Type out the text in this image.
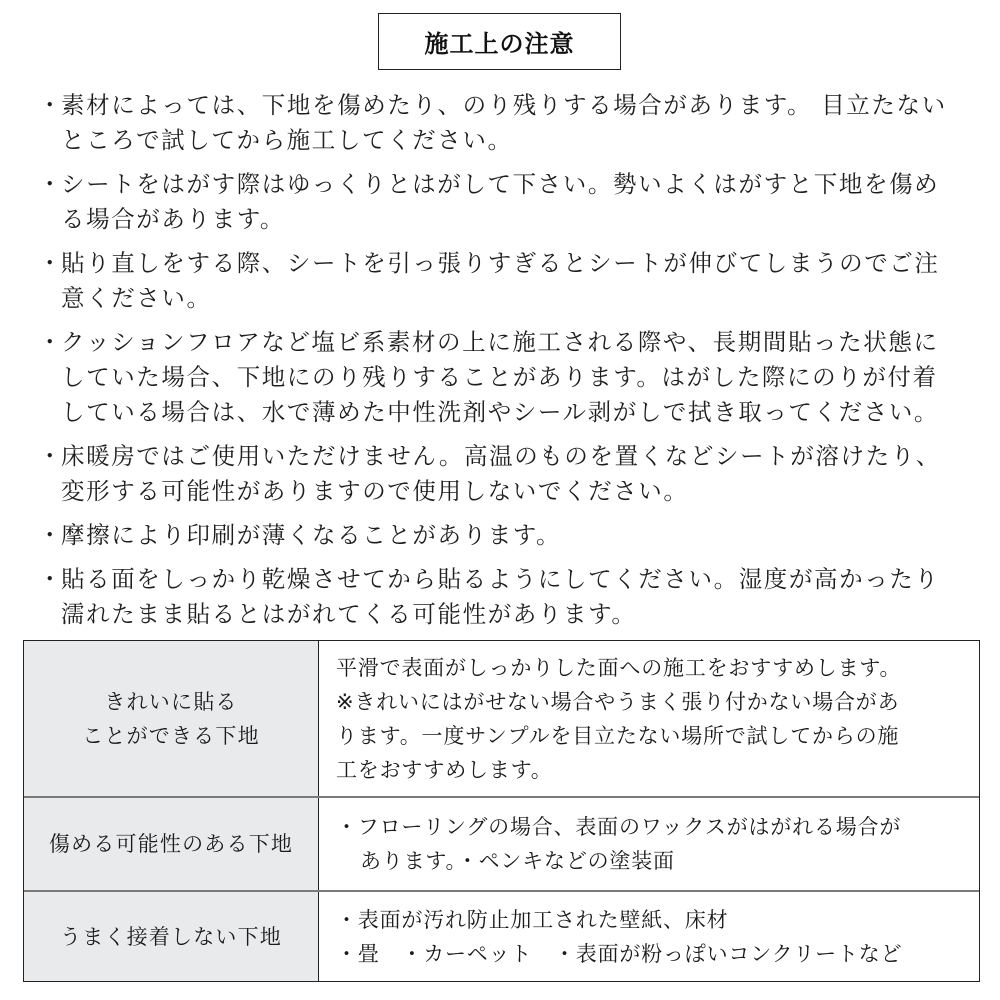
施工上の注意
・
素材によっては、下地を傷めたり、のり残りする場合があります。 目立たない
ところで試してから施工してください。
・
シートをはがす際はゆっくりとはがして下さい。勢いよくはがすと下地を傷め
る場合があります。
・
貼り直しをする際、シートを引っ張りすぎるとシートが伸びてしまうのでご注
意ください。
・
クッションフロアなど塩ビ系素材の上に施工される際や、長期間貼った状態に
していた場合、下地にのり残りすることがあります。はがした際にのりが付着
している場合は、水で薄めた中性洗剤やシール剥がしで拭き取ってください。
・
床暖房ではご使用いただけません。高温のものを置くなどシートが溶けたり、
変形する可能性がありますので使用しないでください。
・
摩擦により印刷が薄くなることがあります。
・
貼る面をしっかり乾燥させてから貼るようにしてください。湿度が高かったり
濡れたまま貼るとはがれてくる可能性があります。
きれいに貼る
ことができる下地
平滑で表面がしっかりした面への施工をおすすめします。
※きれいにはがせない場合やうまく張り付かない場合があ
ります。一度サンプルを目立たない場所で試してからの施
工をおすすめします。
傷める可能性のある下地
・フローリングの場合、表面のワックスがはがれる場合が
あります。・ペンキなどの塗装面
うまく接着しない下地
・表面が汚れ防止加工された壁紙、床材
・畳　・カーペット　・表面が粉っぽいコンクリートなど
